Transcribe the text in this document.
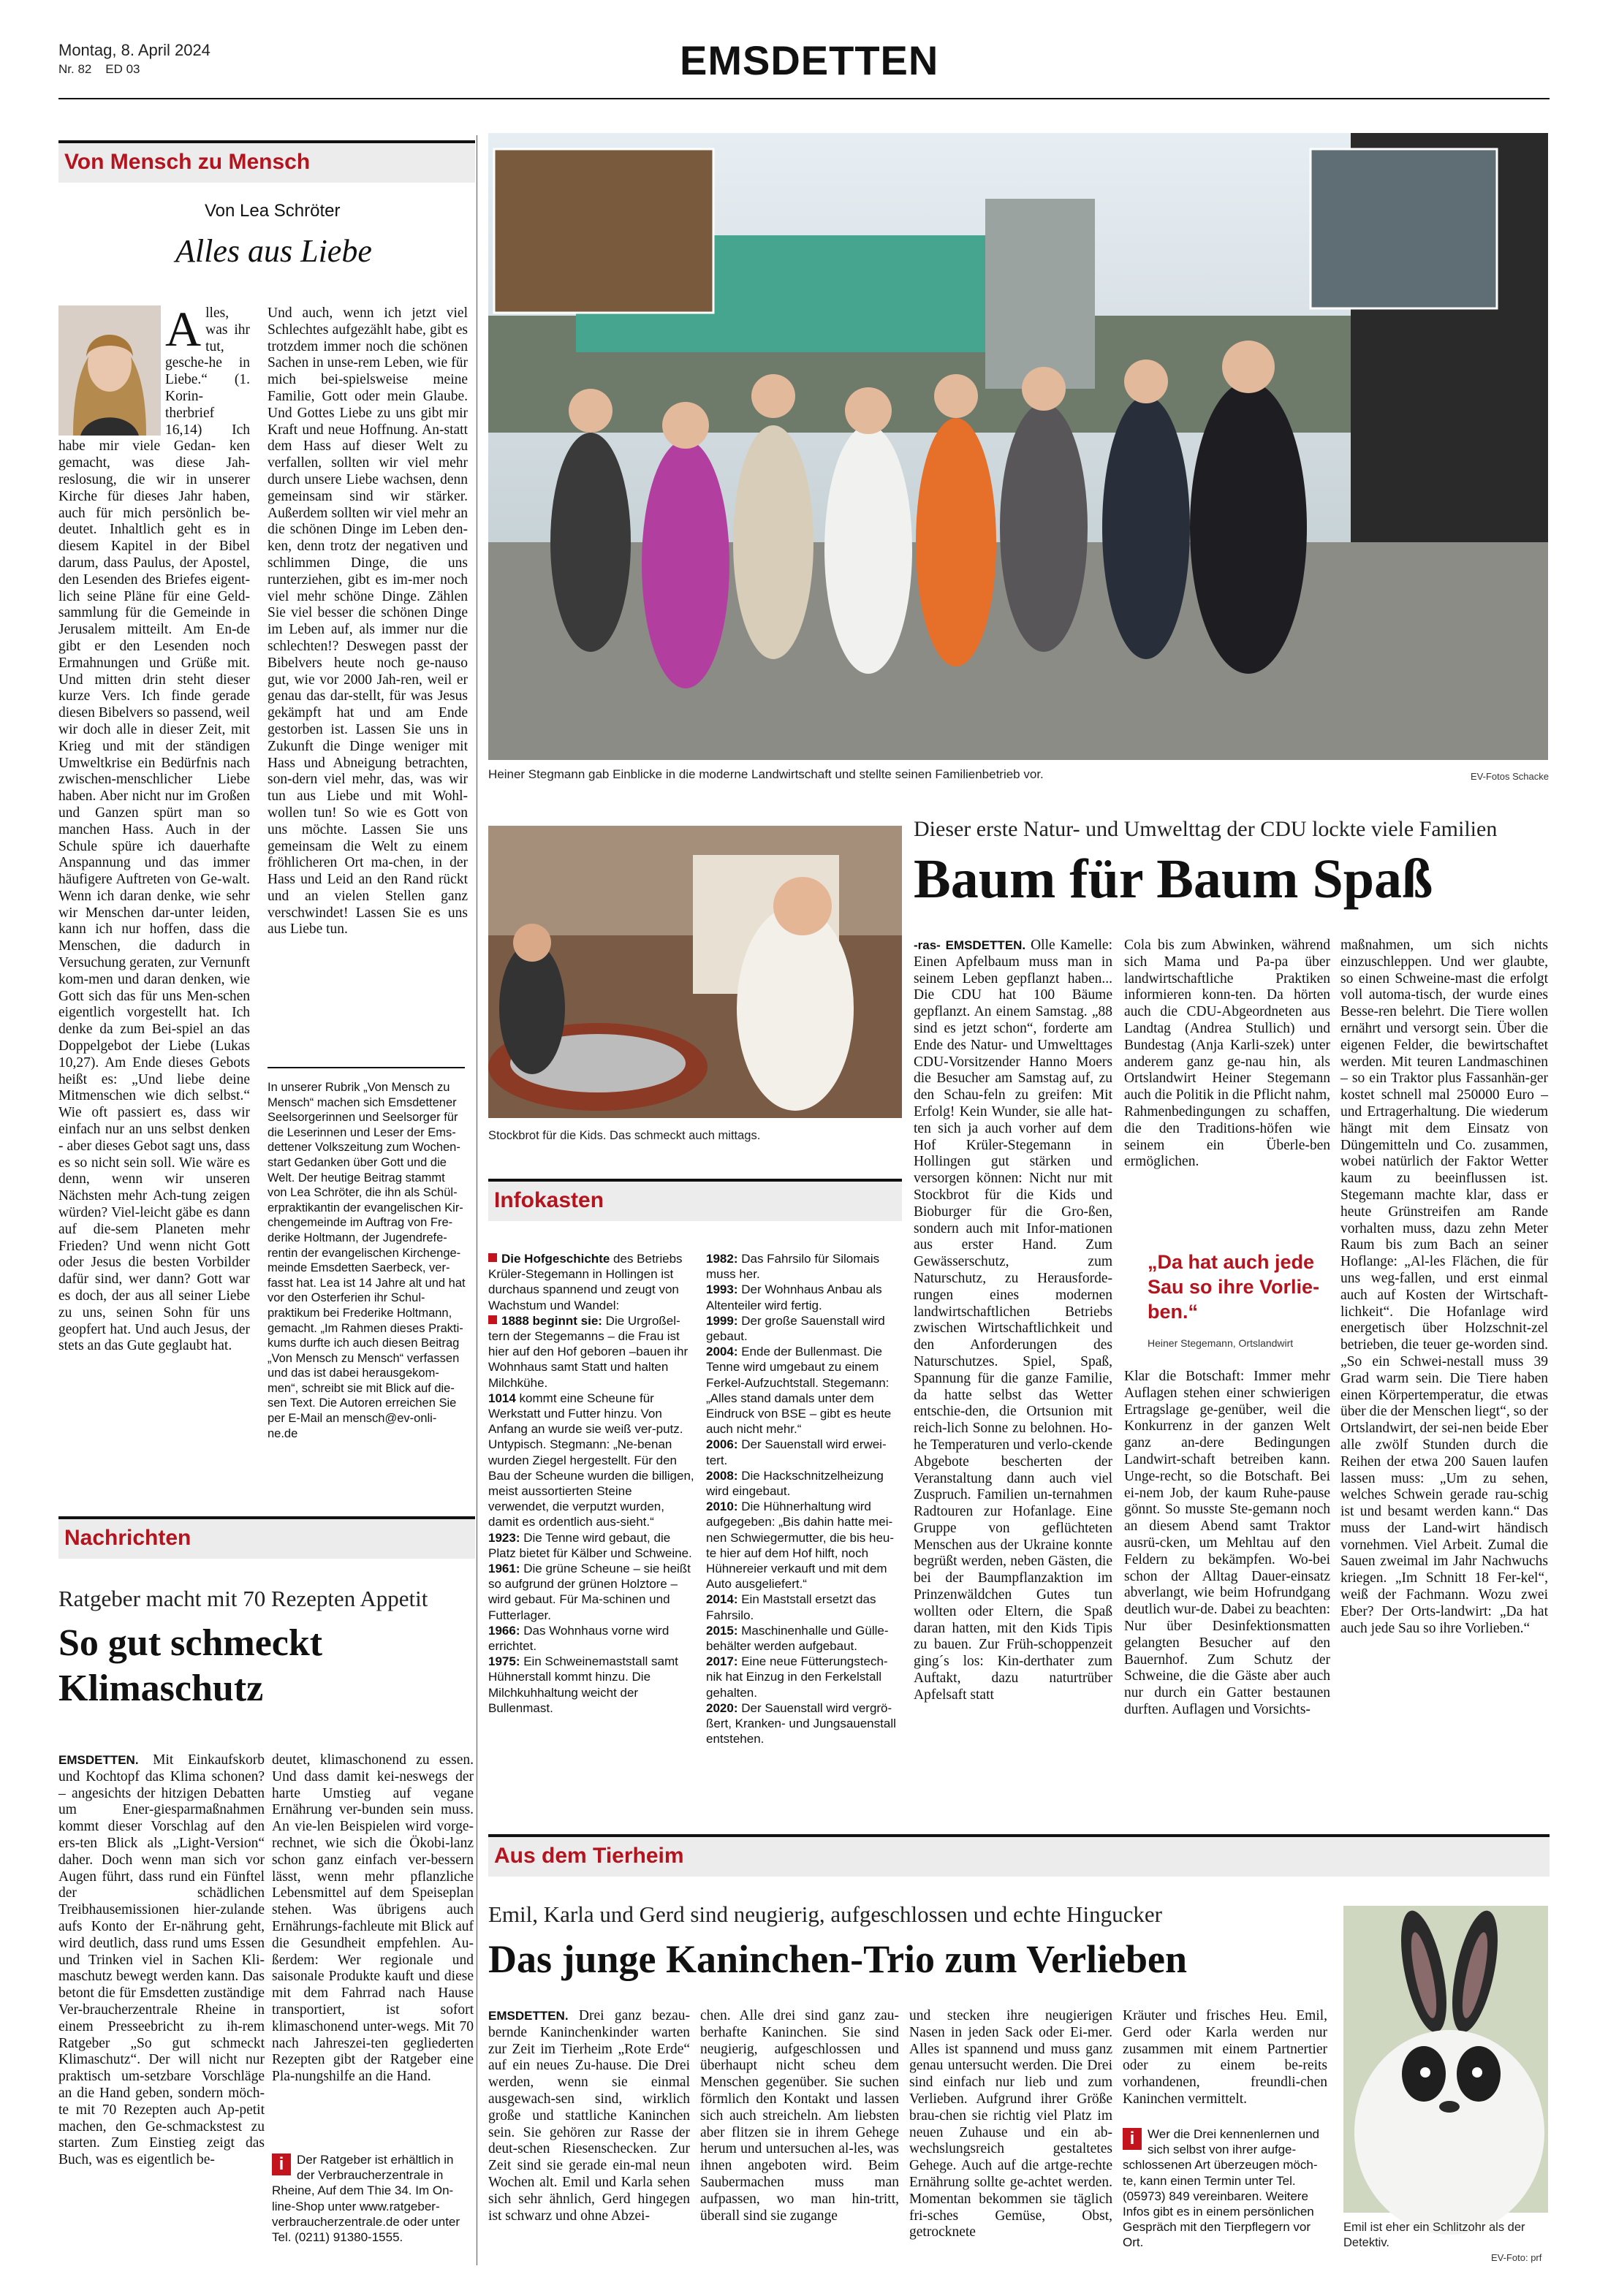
Montag, 8. April 2024
Nr. 82 ED 03	EMSDETTEN
Von Mensch zu Mensch
Von Lea Schröter
Alles aus Liebe
Alles, was ihr tut, gesche-he in Liebe.“ (1. Korin-therbrief 16,14) Ich habe mir viele Gedan- ken gemacht, was diese Jah-reslosung, die wir in unserer Kirche für dieses Jahr haben, auch für mich persönlich be-deutet. Inhaltlich geht es in diesem Kapitel in der Bibel darum, dass Paulus, der Apostel, den Lesenden des Briefes eigent-lich seine Pläne für eine Geld-sammlung für die Gemeinde in Jerusalem mitteilt. Am En-de gibt er den Lesenden noch Ermahnungen und Grüße mit. Und mitten drin steht dieser kurze Vers. Ich finde gerade diesen Bibelvers so passend, weil wir doch alle in dieser Zeit, mit Krieg und mit der ständigen Umweltkrise ein Bedürfnis nach zwischen-menschlicher Liebe haben. Aber nicht nur im Großen und Ganzen spürt man so manchen Hass. Auch in der Schule spüre ich dauerhafte Anspannung und das immer häufigere Auftreten von Ge-walt. Wenn ich daran denke, wie sehr wir Menschen dar-unter leiden, kann ich nur hoffen, dass die Menschen, die dadurch in Versuchung geraten, zur Vernunft kom-men und daran denken, wie Gott sich das für uns Men-schen eigentlich vorgestellt hat. Ich denke da zum Bei-spiel an das Doppelgebot der Liebe (Lukas 10,27). Am Ende dieses Gebots heißt es: „Und liebe deine Mitmenschen wie dich selbst.“ Wie oft passiert es, dass wir einfach nur an uns selbst denken - aber dieses Gebot sagt uns, dass es so nicht sein soll. Wie wäre es denn, wenn wir unseren Nächsten mehr Ach-tung zeigen würden? Viel-leicht gäbe es dann auf die-sem Planeten mehr Frieden? Und wenn nicht Gott oder Jesus die besten Vorbilder dafür sind, wer dann? Gott war es doch, der aus all seiner Liebe zu uns, seinen Sohn für uns geopfert hat. Und auch Jesus, der stets an das Gute geglaubt hat.
Und auch, wenn ich jetzt viel Schlechtes aufgezählt habe, gibt es trotzdem immer noch die schönen Sachen in unse-rem Leben, wie für mich bei-spielsweise meine Familie, Gott oder mein Glaube. Und Gottes Liebe zu uns gibt mir Kraft und neue Hoffnung. An-statt dem Hass auf dieser Welt zu verfallen, sollten wir viel mehr durch unsere Liebe wachsen, denn gemeinsam sind wir stärker. Außerdem sollten wir viel mehr an die schönen Dinge im Leben den-ken, denn trotz der negativen und schlimmen Dinge, die uns runterziehen, gibt es im-mer noch viel mehr schöne Dinge. Zählen Sie viel besser die schönen Dinge im Leben auf, als immer nur die schlechten!? Deswegen passt der Bibelvers heute noch ge-nauso gut, wie vor 2000 Jah-ren, weil er genau das dar-stellt, für was Jesus gekämpft hat und am Ende gestorben ist. Lassen Sie uns in Zukunft die Dinge weniger mit Hass und Abneigung betrachten, son-dern viel mehr, das, was wir tun aus Liebe und mit Wohl-wollen tun! So wie es Gott von uns möchte. Lassen Sie uns gemeinsam die Welt zu einem fröhlicheren Ort ma-chen, in der Hass und Leid an den Rand rückt und an vielen Stellen ganz verschwindet! Lassen Sie es uns aus Liebe tun.
In unserer Rubrik „Von Mensch zu Mensch“ machen sich Emsdettener Seelsorgerinnen und Seelsorger für die Leserinnen und Leser der Ems-dettener Volkszeitung zum Wochen-start Gedanken über Gott und die Welt. Der heutige Beitrag stammt von Lea Schröter, die ihn als Schül-erpraktikantin der evangelischen Kir-chengemeinde im Auftrag von Fre-derike Holtmann, der Jugendrefe-rentin der evangelischen Kirchenge-meinde Emsdetten Saerbeck, ver-fasst hat. Lea ist 14 Jahre alt und hat vor den Osterferien ihr Schul-praktikum bei Frederike Holtmann, gemacht. „Im Rahmen dieses Prakti-kums durfte ich auch diesen Beitrag „Von Mensch zu Mensch“ verfassen und das ist dabei herausgekom-men“, schreibt sie mit Blick auf die-sen Text. Die Autoren erreichen Sie per E-Mail an mensch@ev-onli-ne.de
Nachrichten
Ratgeber macht mit 70 Rezepten Appetit
So gut schmeckt
Klimaschutz
EMSDETTEN. Mit Einkaufskorb und Kochtopf das Klima schonen? – angesichts der hitzigen Debatten um Ener-giesparmaßnahmen kommt dieser Vorschlag auf den ers-ten Blick als „Light-Version“ daher. Doch wenn man sich vor Augen führt, dass rund ein Fünftel der schädlichen Treibhausemissionen hier-zulande aufs Konto der Er-nährung geht, wird deutlich, dass rund ums Essen und Trinken viel in Sachen Kli-maschutz bewegt werden kann. Das betont die für Emsdetten zuständige Ver-braucherzentrale Rheine in einem Presseebricht zu ih-rem Ratgeber „So gut schmeckt Klimaschutz“. Der will nicht nur praktisch um-setzbare Vorschläge an die Hand geben, sondern möch-te mit 70 Rezepten auch Ap-petit machen, den Ge-schmackstest zu starten. Zum Einstieg zeigt das Buch, was es eigentlich be-
deutet, klimaschonend zu essen. Und dass damit kei-neswegs der harte Umstieg auf vegane Ernährung ver-bunden sein muss. An vie-len Beispielen wird vorge-rechnet, wie sich die Ökobi-lanz schon ganz einfach ver-bessern lässt, wenn mehr pflanzliche Lebensmittel auf dem Speiseplan stehen. Was übrigens auch Ernährungs-fachleute mit Blick auf die Gesundheit empfehlen. Au-ßerdem: Wer regionale und saisonale Produkte kauft und diese mit dem Fahrrad nach Hause transportiert, ist sofort klimaschonend unter-wegs. Mit 70 nach Jahreszei-ten gegliederten Rezepten gibt der Ratgeber eine Pla-nungshilfe an die Hand.
i	Der Ratgeber ist erhältlich in der Verbraucherzentrale in Rheine, Auf dem Thie 34. Im On-line-Shop unter www.ratgeber-verbraucherzentrale.de oder unter Tel. (0211) 91380-1555.
Heiner Stegmann gab Einblicke in die moderne Landwirtschaft und stellte seinen Familienbetrieb vor.	EV-Fotos Schacke
Stockbrot für die Kids. Das schmeckt auch mittags.
Dieser erste Natur- und Umwelttag der CDU lockte viele Familien
Baum für Baum Spaß
-ras- EMSDETTEN. Olle Kamelle: Einen Apfelbaum muss man in seinem Leben gepflanzt haben... Die CDU hat 100 Bäume gepflanzt. An einem Samstag. „88 sind es jetzt schon“, forderte am Ende des Natur- und Umwelttages CDU-Vorsitzender Hanno Moers die Besucher am Samstag auf, zu den Schau-feln zu greifen: Mit Erfolg! Kein Wunder, sie alle hat-ten sich ja auch vorher auf dem Hof Krüler-Stegemann in Hollingen gut stärken und versorgen können: Nicht nur mit Stockbrot für die Kids und Bioburger für die Gro-ßen, sondern auch mit Infor-mationen aus erster Hand. Zum Gewässerschutz, zum Naturschutz, zu Herausforde-rungen eines modernen landwirtschaftlichen Betriebs zwischen Wirtschaftlichkeit und den Anforderungen des Naturschutzes. Spiel, Spaß, Spannung für die ganze Familie, da hatte selbst das Wetter entschie-den, die Ortsunion mit reich-lich Sonne zu belohnen. Ho-he Temperaturen und verlo-ckende Abgebote bescherten der Veranstaltung dann auch viel Zuspruch. Familien un-ternahmen Radtouren zur Hofanlage. Eine Gruppe von geflüchteten Menschen aus der Ukraine konnte begrüßt werden, neben Gästen, die bei der Baumpflanzaktion im Prinzenwäldchen Gutes tun wollten oder Eltern, die Spaß daran hatten, mit den Kids Tipis zu bauen. Zur Früh-schoppenzeit ging´s los: Kin-derthater zum Auftakt, dazu naturtrüber Apfelsaft statt
Cola bis zum Abwinken, während sich Mama und Pa-pa über landwirtschaftliche Praktiken informieren konn-ten. Da hörten auch die CDU-Abgeordneten aus Landtag (Andrea Stullich) und Bundestag (Anja Karli-szek) unter anderem ganz ge-nau hin, als Ortslandwirt Heiner Stegemann auch die Politik in die Pflicht nahm, Rahmenbedingungen zu schaffen, die den Traditions-höfen wie seinem ein Überle-ben ermöglichen.
„Da hat auch jede Sau so ihre Vorlie-ben.“
Heiner Stegemann, Ortslandwirt
Klar die Botschaft: Immer mehr Auflagen stehen einer schwierigen Ertragslage ge-genüber, weil die Konkurrenz in der ganzen Welt ganz an-dere Bedingungen Landwirt-schaft betreiben kann. Unge-recht, so die Botschaft. Bei ei-nem Job, der kaum Ruhe-pause gönnt. So musste Ste-gemann noch an diesem Abend samt Traktor ausrü-cken, um Mehltau auf den Feldern zu bekämpfen. Wo-bei schon der Alltag Dauer-einsatz abverlangt, wie beim Hofrundgang deutlich wur-de. Dabei zu beachten: Nur über Desinfektionsmatten gelangten Besucher auf den Bauernhof. Zum Schutz der Schweine, die die Gäste aber auch nur durch ein Gatter bestaunen durften. Auflagen und Vorsichts-
maßnahmen, um sich nichts einzuschleppen. Und wer glaubte, so einen Schweine-mast die erfolgt voll automa-tisch, der wurde eines Besse-ren belehrt. Die Tiere wollen ernährt und versorgt sein. Über die eigenen Felder, die bewirtschaftet werden. Mit teuren Landmaschinen – so ein Traktor plus Fassanhän-ger kostet schnell mal 250000 Euro – und Ertragerhaltung. Die wiederum hängt mit dem Einsatz von Düngemitteln und Co. zusammen, wobei natürlich der Faktor Wetter kaum zu beeinflussen ist. Stegemann machte klar, dass er heute Grünstreifen am Rande vorhalten muss, dazu zehn Meter Raum bis zum Bach an seiner Hoflange: „Al-les Flächen, die für uns weg-fallen, und erst einmal auch auf Kosten der Wirtschaft-lichkeit“. Die Hofanlage wird energetisch über Holzschnit-zel betrieben, die teuer ge-worden sind. „So ein Schwei-nestall muss 39 Grad warm sein. Die Tiere haben einen Körpertemperatur, die etwas über die der Menschen liegt“, so der Ortslandwirt, der sei-nen beide Eber alle zwölf Stunden durch die Reihen der etwa 200 Sauen laufen lassen muss: „Um zu sehen, welches Schwein gerade rau-schig ist und besamt werden kann.“ Das muss der Land-wirt händisch vornehmen. Viel Arbeit. Zumal die Sauen zweimal im Jahr Nachwuchs kriegen. „Im Schnitt 18 Fer-kel“, weiß der Fachmann. Wozu zwei Eber? Der Orts-landwirt: „Da hat auch jede Sau so ihre Vorlieben.“
Infokasten
Die Hofgeschichte des Betriebs Krüler-Stegemann in Hollingen ist durchaus spannend und zeugt von Wachstum und Wandel:
1888 beginnt sie: Die Urgroßel-tern der Stegemanns – die Frau ist hier auf den Hof geboren –bauen ihr Wohnhaus samt Statt und halten Milchkühe.
1014 kommt eine Scheune für Werkstatt und Futter hinzu. Von Anfang an wurde sie weiß ver-putz. Untypisch. Stegmann: „Ne-benan wurden Ziegel hergestellt. Für den Bau der Scheune wurden die billigen, meist aussortierten Steine verwendet, die verputzt wurden, damit es ordentlich aus-sieht.“
1923: Die Tenne wird gebaut, die Platz bietet für Kälber und Schweine.
1961: Die grüne Scheune – sie heißt so aufgrund der grünen Holztore – wird gebaut. Für Ma-schinen und Futterlager.
1966: Das Wohnhaus vorne wird errichtet.
1975: Ein Schweinemaststall samt Hühnerstall kommt hinzu. Die Milchkuhhaltung weicht der Bullenmast.
1982: Das Fahrsilo für Silomais muss her.
1993: Der Wohnhaus Anbau als Altenteiler wird fertig.
1999: Der große Sauenstall wird gebaut.
2004: Ende der Bullenmast. Die Tenne wird umgebaut zu einem Ferkel-Aufzuchtstall. Stegemann: „Alles stand damals unter dem Eindruck von BSE – gibt es heute auch nicht mehr.“
2006: Der Sauenstall wird erwei-tert.
2008: Die Hackschnitzelheizung wird eingebaut.
2010: Die Hühnerhaltung wird aufgegeben: „Bis dahin hatte mei-nen Schwiegermutter, die bis heu-te hier auf dem Hof hilft, noch Hühnereier verkauft und mit dem Auto ausgeliefert.“
2014: Ein Maststall ersetzt das Fahrsilo.
2015: Maschinenhalle und Gülle-behälter werden aufgebaut.
2017: Eine neue Fütterungstech-nik hat Einzug in den Ferkelstall gehalten.
2020: Der Sauenstall wird vergrö-ßert, Kranken- und Jungsauenstall entstehen.
Aus dem Tierheim
Emil, Karla und Gerd sind neugierig, aufgeschlossen und echte Hingucker
Das junge Kaninchen-Trio zum Verlieben
EMSDETTEN. Drei ganz bezau-bernde Kaninchenkinder warten zur Zeit im Tierheim „Rote Erde“ auf ein neues Zu-hause. Die Drei werden, wenn sie einmal ausgewach-sen sind, wirklich große und stattliche Kaninchen sein. Sie gehören zur Rasse der deut-schen Riesenschecken. Zur Zeit sind sie gerade ein-mal neun Wochen alt. Emil und Karla sehen sich sehr ähnlich, Gerd hingegen ist schwarz und ohne Abzei-
chen. Alle drei sind ganz zau-berhafte Kaninchen. Sie sind neugierig, aufgeschlossen und überhaupt nicht scheu dem Menschen gegenüber. Sie suchen förmlich den Kontakt und lassen sich auch streicheln. Am liebsten aber flitzen sie in ihrem Gehege herum und untersuchen al-les, was ihnen angeboten wird. Beim Saubermachen muss man aufpassen, wo man hin-tritt, überall sind sie zugange
und stecken ihre neugierigen Nasen in jeden Sack oder Ei-mer. Alles ist spannend und muss ganz genau untersucht werden. Die Drei sind einfach nur lieb und zum Verlieben. Aufgrund ihrer Größe brau-chen sie richtig viel Platz im neuen Zuhause und ein ab-wechslungsreich gestaltetes Gehege. Auch auf die artge-rechte Ernährung sollte ge-achtet werden. Momentan bekommen sie täglich fri-sches Gemüse, Obst, getrocknete
Kräuter und frisches Heu. Emil, Gerd oder Karla werden nur zusammen mit einem Partnertier oder zu einem be-reits vorhandenen, freundli-chen Kaninchen vermittelt.
i	Wer die Drei kennenlernen und sich selbst von ihrer aufge-schlossenen Art überzeugen möch-te, kann einen Termin unter Tel. (05973) 849 vereinbaren. Weitere Infos gibt es in einem persönlichen Gespräch mit den Tierpflegern vor Ort.
Emil ist eher ein Schlitzohr als der Detektiv.
EV-Foto: prf
